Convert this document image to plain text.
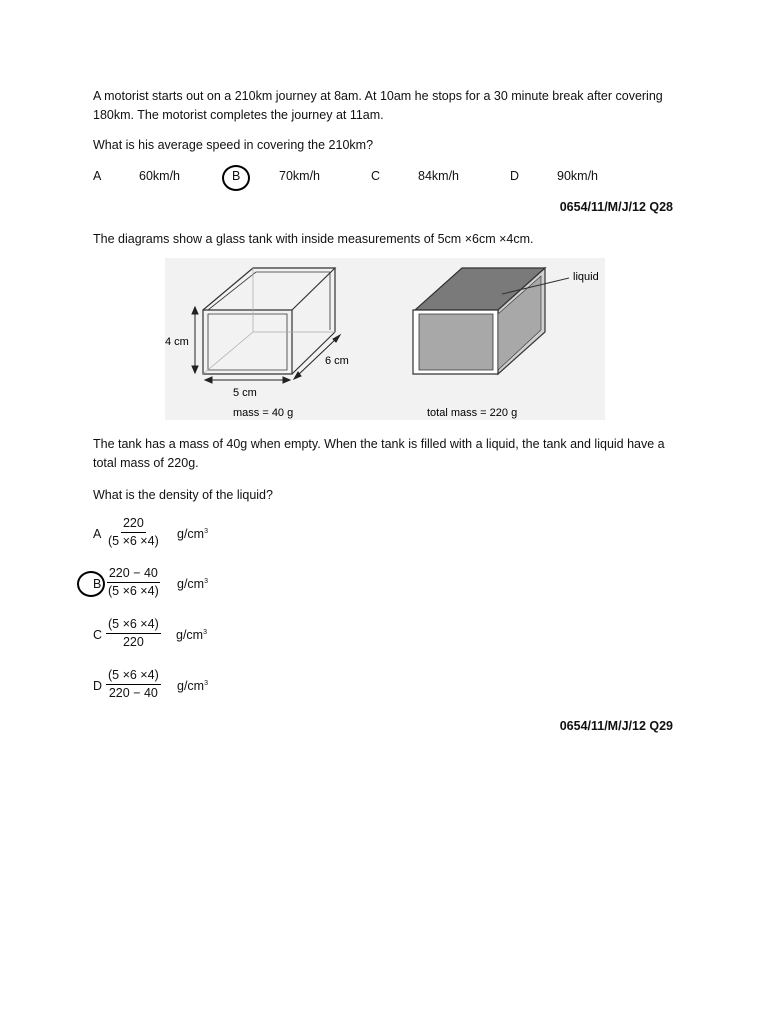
A motorist starts out on a 210km journey at 8am. At 10am he stops for a 30 minute break after covering 180km. The motorist completes the journey at 11am.

What is his average speed in covering the 210km?

A	60km/h	B	70km/h	C	84km/h	D	90km/h
0654/11/M/J/12 Q28

The diagrams show a glass tank with inside measurements of 5cm ×6cm ×4cm.

4 cm
6 cm
5 cm
mass = 40 g
liquid
total mass = 220 g

The tank has a mass of 40g when empty. When the tank is filled with a liquid, the tank and liquid have a total mass of 220g.

What is the density of the liquid?

A $\frac{220}{(5 \times 6 \times 4)} g/cm^3$
B $\frac{220 - 40}{(5 \times 6 \times 4)} g/cm^3$
C $\frac{(5 \times 6 \times 4)}{220} g/cm^3$
D $\frac{(5 \times 6 \times 4)}{220 - 40} g/cm^3$
0654/11/M/J/12 Q29
